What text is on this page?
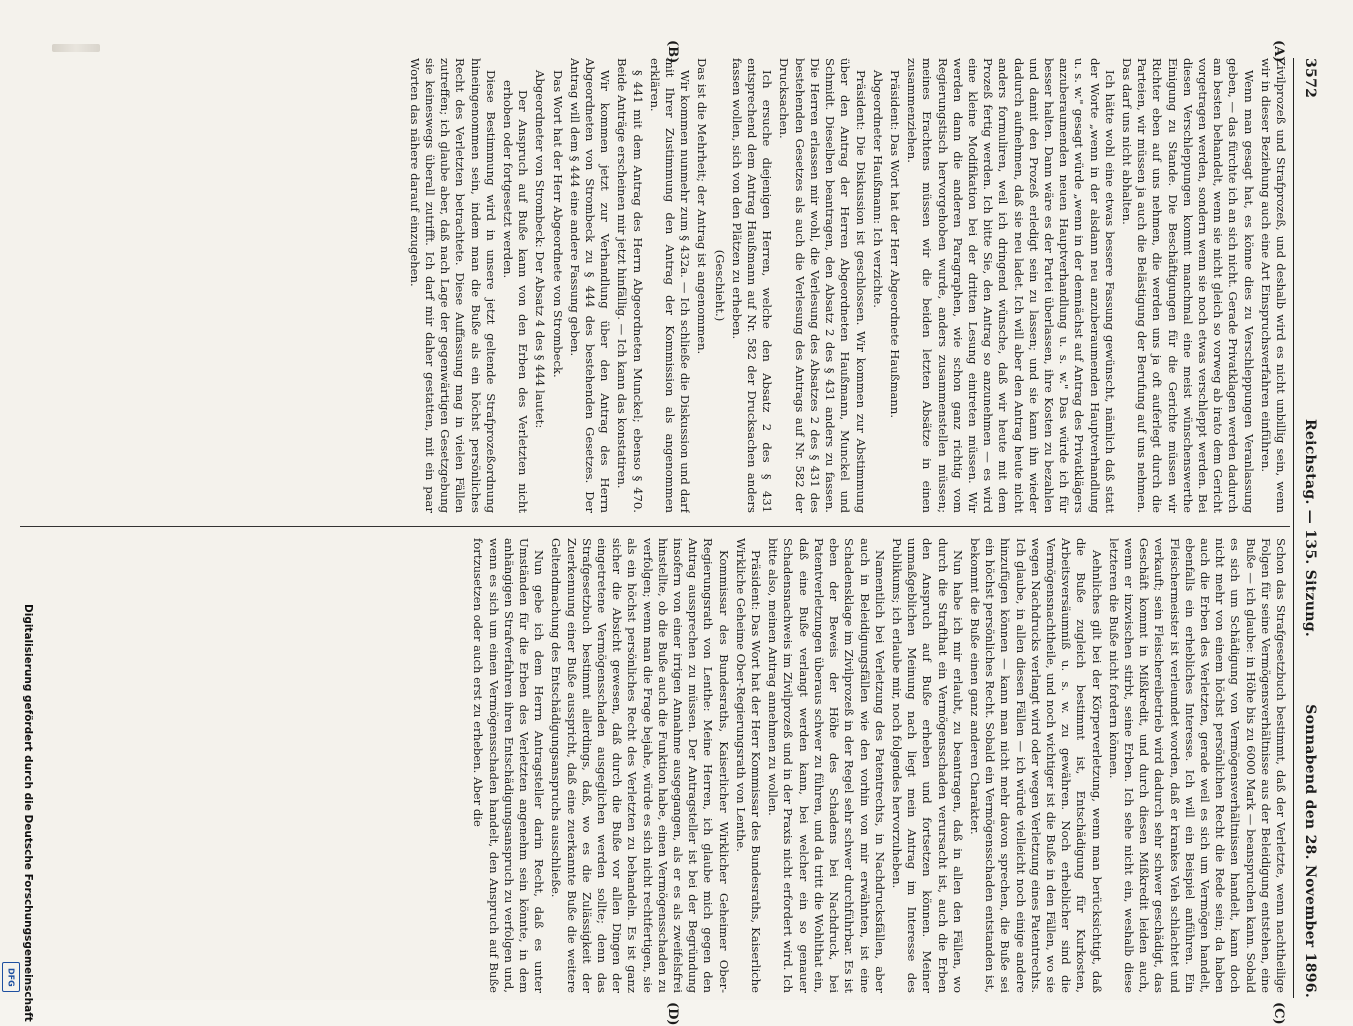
3572
Reichstag. — 135. Sitzung.
Sonnabend den 28. November 1896.
(A)
(B)
(C)
(D)

Zivilprozeß und Strafprozeß, und deshalb wird es nicht unbillig sein, wenn wir in dieser Beziehung auch eine Art Einspruchsverfahren einführen.

Wenn man gesagt hat, es könne dies zu Verschleppungen Veranlassung geben, — das fürchte ich an sich nicht. Gerade Privatklagen werden dadurch am besten behandelt, wenn sie nicht gleich so vorweg ab irato dem Gericht vorgetragen werden, sondern wenn sie noch etwas verschleppt werden. Bei diesen Verschleppungen kommt manchmal eine meist wünschenswerthe Einigung zu Stande. Die Beschäftigungen für die Gerichte müssen wir Richter eben auf uns nehmen, die werden uns ja oft auferlegt durch die Parteien, wir müssen ja auch die Belästigung der Berufung auf uns nehmen. Das darf uns nicht abhalten.

Ich hätte wohl eine etwas bessere Fassung gewünscht, nämlich daß statt der Worte „wenn in der alsdann neu anzuberaumenden Hauptverhandlung u. s. w." gesagt würde „wenn in der demnächst auf Antrag des Privatklägers anzuberaumenden neuen Hauptverhandlung u. s. w." Das würde ich für besser halten. Dann wäre es der Partei überlassen, ihre Kosten zu bezahlen und damit den Prozeß erledigt sein zu lassen; und sie kann ihn wieder dadurch aufnehmen, daß sie neu ladet. Ich will aber den Antrag heute nicht anders formuliren, weil ich dringend wünsche, daß wir heute mit dem Prozeß fertig werden. Ich bitte Sie, den Antrag so anzunehmen — es wird eine kleine Modifikation bei der dritten Lesung eintreten müssen. Wir werden dann die anderen Paragraphen, wie schon ganz richtig vom Regierungstisch hervorgehoben wurde, anders zusammenstellen müssen; meines Erachtens müssen wir die beiden letzten Absätze in einen zusammenziehen.

Präsident: Das Wort hat der Herr Abgeordnete Haußmann.

Abgeordneter Haußmann: Ich verzichte.

Präsident: Die Diskussion ist geschlossen. Wir kommen zur Abstimmung über den Antrag der Herren Abgeordneten Haußmann, Munckel und Schmidt. Dieselben beantragen, den Absatz 2 des § 431 anders zu fassen. Die Herren erlassen mir wohl, die Verlesung des Absatzes 2 des § 431 des bestehenden Gesetzes als auch die Verlesung des Antrags auf Nr. 582 der Drucksachen.

Ich ersuche diejenigen Herren, welche den Absatz 2 des § 431 entsprechend dem Antrag Haußmann auf Nr. 582 der Drucksachen anders fassen wollen, sich von den Plätzen zu erheben.

(Geschieht.)

Das ist die Mehrheit; der Antrag ist angenommen.

Wir kommen nunmehr zum § 432a. — Ich schließe die Diskussion und darf mit Ihrer Zustimmung den Antrag der Kommission als angenommen erklären.

§ 441 mit dem Antrag des Herrn Abgeordneten Munckel; ebenso § 470. Beide Anträge erscheinen mir jetzt hinfällig. — Ich kann das konstatiren.

Wir kommen jetzt zur Verhandlung über den Antrag des Herrn Abgeordneten von Strombeck zu § 444 des bestehenden Gesetzes. Der Antrag will dem § 444 eine andere Fassung geben.

Das Wort hat der Herr Abgeordnete von Strombeck.

Abgeordneter von Strombeck: Der Absatz 4 des § 444 lautet:

Der Anspruch auf Buße kann von den Erben des Verletzten nicht erhoben oder fortgesetzt werden.

Diese Bestimmung wird in unsere jetzt geltende Strafprozeßordnung hineingenommen sein, indem man die Buße als ein höchst persönliches Recht des Verletzten betrachtete. Diese Auffassung mag in vielen Fällen zutreffen; ich glaube aber, daß nach Lage der gegenwärtigen Gesetzgebung sie keineswegs überall zutrifft. Ich darf mir daher gestatten, mit ein paar Worten das nähere darauf einzugehen.

Schon das Strafgesetzbuch bestimmt, daß der Verletzte, wenn nachtheilige Folgen für seine Vermögensverhältnisse aus der Beleidigung entstehen, eine Buße — ich glaube: in Höhe bis zu 6000 Mark — beanspruchen kann. Sobald es sich um Schädigung von Vermögensverhältnissen handelt, kann doch nicht mehr von einem höchst persönlichen Recht die Rede sein; da haben auch die Erben des Verletzten, gerade weil es sich um Vermögen handelt, ebenfalls ein erhebliches Interesse. Ich will ein Beispiel anführen. Ein Fleischermeister ist verleumdet worden, daß er krankes Vieh schlachtet und verkauft; sein Fleischereibetrieb wird dadurch sehr schwer geschädigt, das Geschäft kommt in Mißkredit, und durch diesen Mißkredit leiden auch, wenn er inzwischen stirbt, seine Erben. Ich sehe nicht ein, weshalb diese letzteren die Buße nicht fordern können.

Aehnliches gilt bei der Körperverletzung, wenn man berücksichtigt, daß die Buße zugleich bestimmt ist, Entschädigung für Kurkosten, Arbeitsversäumniß u. s. w. zu gewähren. Noch erheblicher sind die Vermögensnachtheile, und noch wichtiger ist die Buße in den Fällen, wo sie wegen Nachdrucks verlangt wird oder wegen Verletzung eines Patentrechts. Ich glaube, in allen diesen Fällen — ich würde vielleicht noch einige andere hinzufügen können — kann man nicht mehr davon sprechen, die Buße sei ein höchst persönliches Recht. Sobald ein Vermögensschaden entstanden ist, bekommt die Buße einen ganz anderen Charakter.

Nun habe ich mir erlaubt, zu beantragen, daß in allen den Fällen, wo durch die Strafthat ein Vermögensschaden verursacht ist, auch die Erben den Anspruch auf Buße erheben und fortsetzen können. Meiner unmaßgeblichen Meinung nach liegt mein Antrag im Interesse des Publikums; ich erlaube mir, noch folgendes hervorzuheben.

Namentlich bei Verletzung des Patentrechts, in Nachdrucksfällen, aber auch in Beleidigungsfällen wie den vorhin von mir erwähnten, ist eine Schadensklage im Zivilprozeß in der Regel sehr schwer durchführbar. Es ist eben der Beweis der Höhe des Schadens bei Nachdruck, bei Patentverletzungen überaus schwer zu führen, und da tritt die Wohlthat ein, daß eine Buße verlangt werden kann, bei welcher ein so genauer Schadensnachweis im Zivilprozeß und in der Praxis nicht erfordert wird. Ich bitte also, meinen Antrag annehmen zu wollen.

Präsident: Das Wort hat der Herr Kommissar des Bundesraths, Kaiserliche Wirkliche Geheime Ober-Regierungsrath von Lenthe.

Kommissar des Bundesraths, Kaiserlicher Wirklicher Geheimer Ober-Regierungsrath von Lenthe: Meine Herren, ich glaube mich gegen den Antrag aussprechen zu müssen. Der Antragsteller ist bei der Begründung insofern von einer irrigen Annahme ausgegangen, als er es als zweifelsfrei hinstellte, ob die Buße auch die Funktion habe, einen Vermögensschaden zu verfolgen; wenn man die Frage bejahe, würde es sich nicht rechtfertigen, sie als ein höchst persönliches Recht des Verletzten zu behandeln. Es ist ganz sicher die Absicht gewesen, daß durch die Buße vor allen Dingen der eingetretene Vermögensschaden ausgeglichen werden sollte; denn das Strafgesetzbuch bestimmt allerdings, daß, wo es die Zulässigkeit der Zuerkennung einer Buße ausspricht, daß eine zuerkannte Buße die weitere Geltendmachung des Entschädigungsanspruchs ausschließe.

Nun gebe ich dem Herrn Antragsteller darin Recht, daß es unter Umständen für die Erben des Verletzten angenehm sein könnte, in dem anhängigen Strafverfahren ihren Entschädigungsanspruch zu verfolgen und, wenn es sich um einen Vermögensschaden handelt, den Anspruch auf Buße fortzusetzen oder auch erst zu erheben. Aber die

Digitalisierung gefördert durch die Deutsche Forschungsgemeinschaft
DFG
